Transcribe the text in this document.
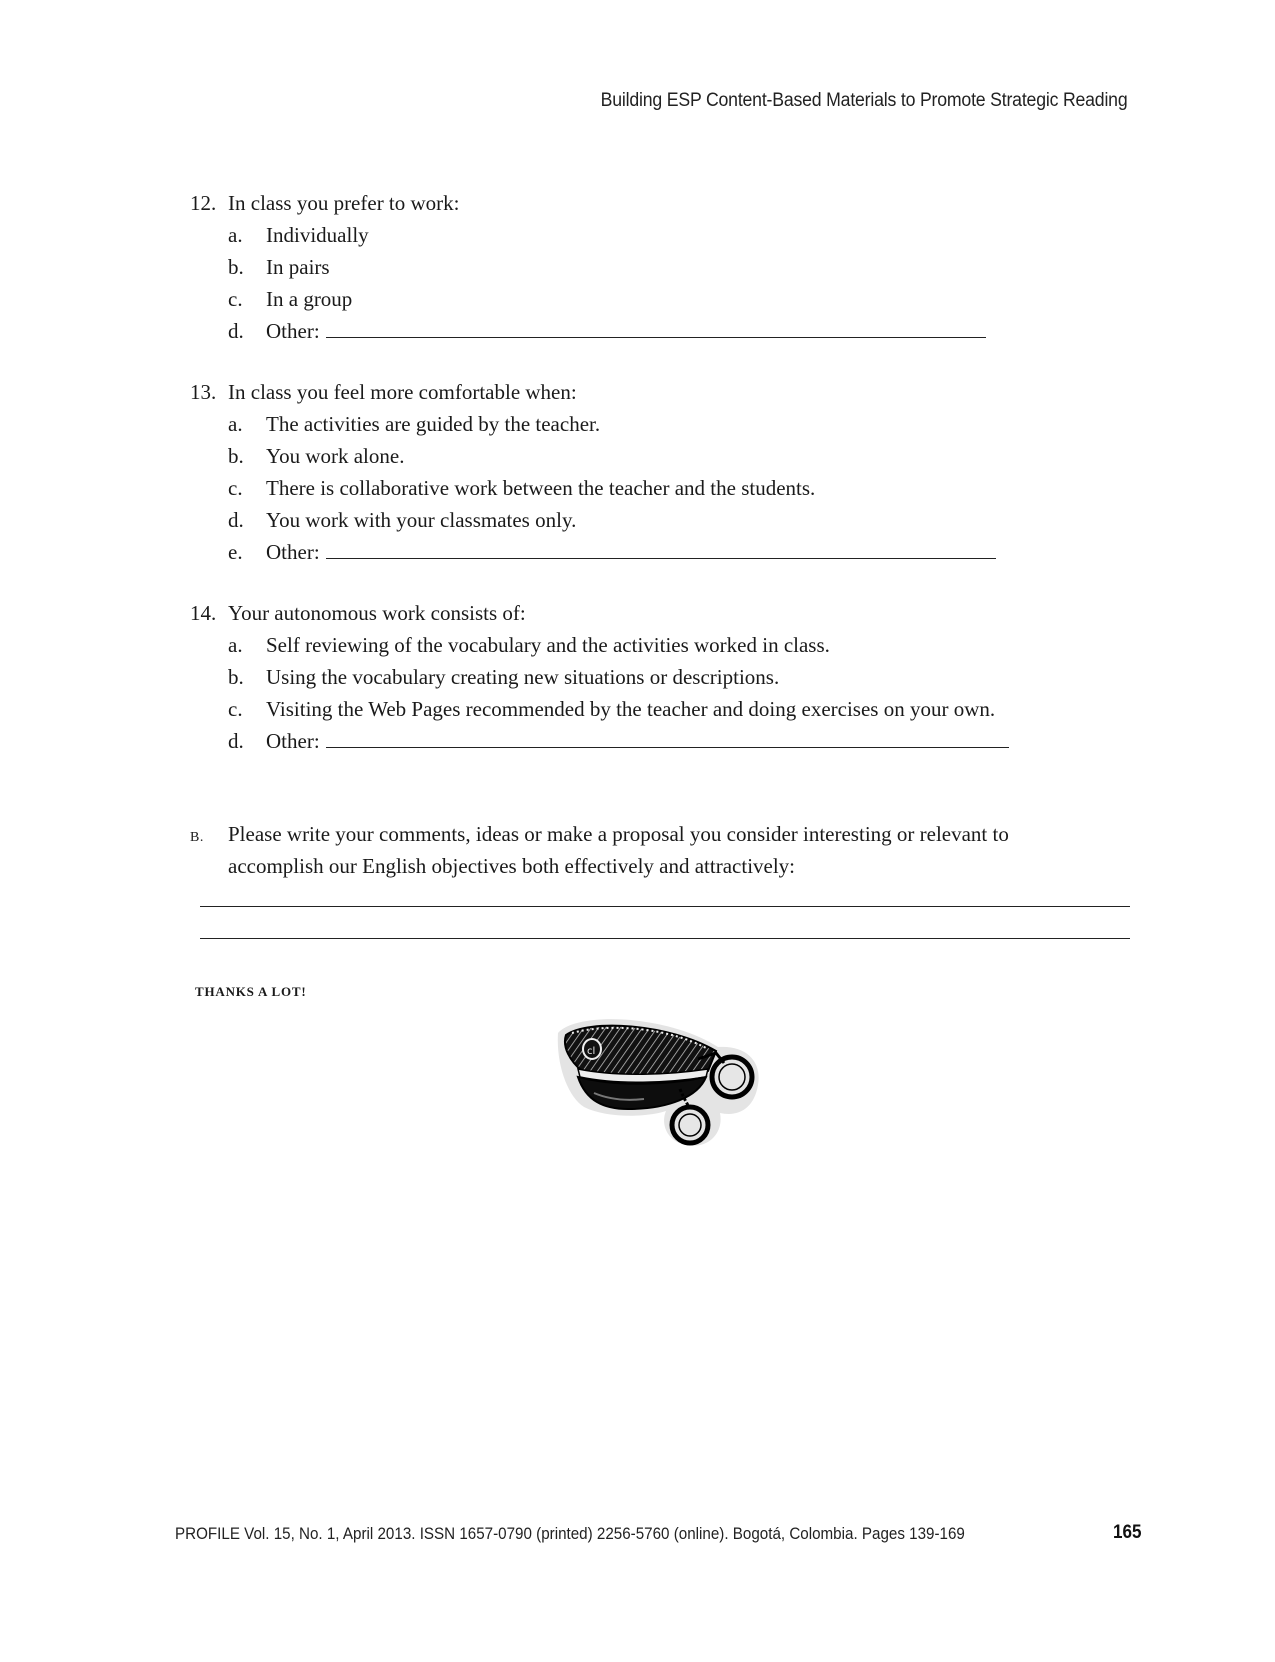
Building ESP Content-Based Materials to Promote Strategic Reading
12. In class you prefer to work:
a.	Individually
b.	In pairs
c.	In a group
d.	Other:
13. In class you feel more comfortable when:
a.	The activities are guided by the teacher.
b.	You work alone.
c.	There is collaborative work between the teacher and the students.
d.	You work with your classmates only.
e.	Other:
14. Your autonomous work consists of:
a.	Self reviewing of the vocabulary and the activities worked in class.
b.	Using the vocabulary creating new situations or descriptions.
c.	Visiting the Web Pages recommended by the teacher and doing exercises on your own.
d.	Other:
B.	Please write your comments, ideas or make a proposal you consider interesting or relevant to accomplish our English objectives both effectively and attractively:
THANKS A LOT!
cl
PROFILE Vol. 15, No. 1, April 2013. ISSN 1657-0790 (printed) 2256-5760 (online). Bogotá, Colombia. Pages 139-169	165
